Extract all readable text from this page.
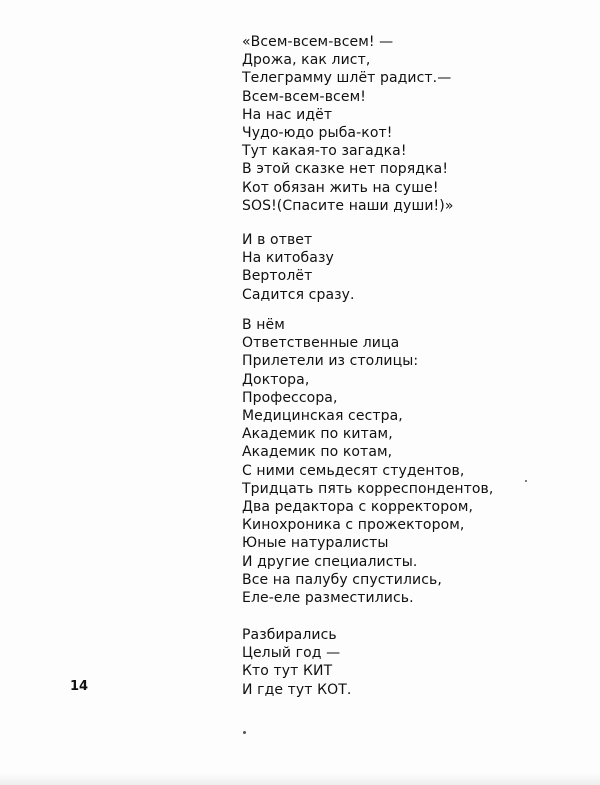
«Всем-всем-всем! —
Дрожа, как лист,
Телеграмму шлёт радист.—
Всем-всем-всем!
На нас идёт
Чудо-юдо рыба-кот!
Тут какая-то загадка!
В этой сказке нет порядка!
Кот обязан жить на суше!
SOS!(Спасите наши души!)»
И в ответ
На китобазу
Вертолёт
Садится сразу.
В нём
Ответственные лица
Прилетели из столицы:
Доктора,
Профессора,
Медицинская сестра,
Академик по китам,
Академик по котам,
С ними семьдесят студентов,
Тридцать пять корреспондентов,
Два редактора с корректором,
Кинохроника с прожектором,
Юные натуралисты
И другие специалисты.
Все на палубу спустились,
Еле-еле разместились.
Разбирались
Целый год —
Кто тут КИТ
И где тут КОТ.
14
